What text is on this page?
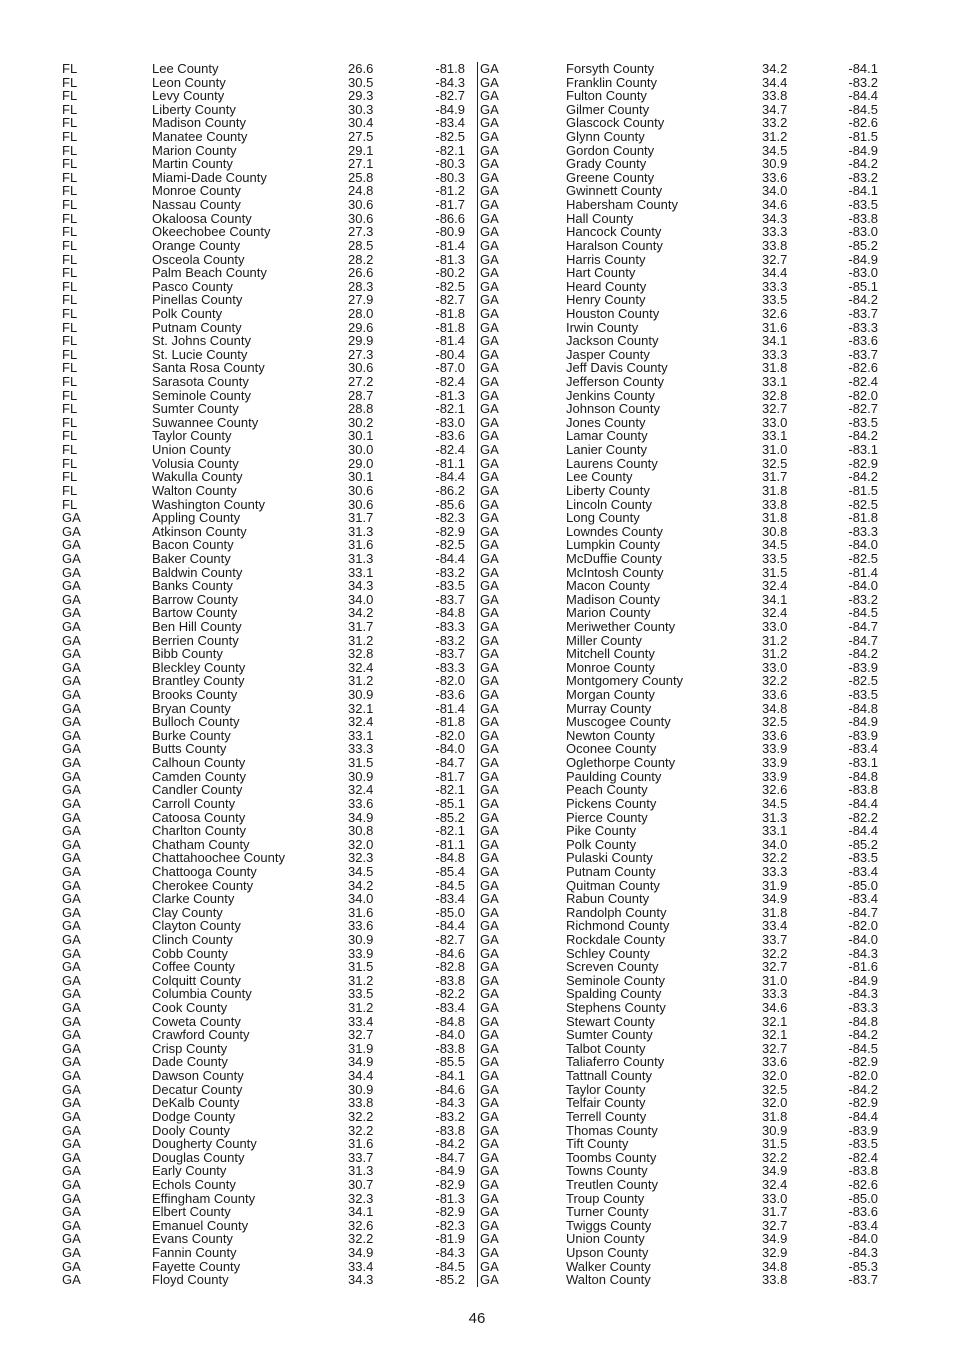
FL	Lee County	26.6	-81.8
FL	Leon County	30.5	-84.3
FL	Levy County	29.3	-82.7
FL	Liberty County	30.3	-84.9
FL	Madison County	30.4	-83.4
FL	Manatee County	27.5	-82.5
FL	Marion County	29.1	-82.1
FL	Martin County	27.1	-80.3
FL	Miami-Dade County	25.8	-80.3
FL	Monroe County	24.8	-81.2
FL	Nassau County	30.6	-81.7
FL	Okaloosa County	30.6	-86.6
FL	Okeechobee County	27.3	-80.9
FL	Orange County	28.5	-81.4
FL	Osceola County	28.2	-81.3
FL	Palm Beach County	26.6	-80.2
FL	Pasco County	28.3	-82.5
FL	Pinellas County	27.9	-82.7
FL	Polk County	28.0	-81.8
FL	Putnam County	29.6	-81.8
FL	St. Johns County	29.9	-81.4
FL	St. Lucie County	27.3	-80.4
FL	Santa Rosa County	30.6	-87.0
FL	Sarasota County	27.2	-82.4
FL	Seminole County	28.7	-81.3
FL	Sumter County	28.8	-82.1
FL	Suwannee County	30.2	-83.0
FL	Taylor County	30.1	-83.6
FL	Union County	30.0	-82.4
FL	Volusia County	29.0	-81.1
FL	Wakulla County	30.1	-84.4
FL	Walton County	30.6	-86.2
FL	Washington County	30.6	-85.6
GA	Appling County	31.7	-82.3
GA	Atkinson County	31.3	-82.9
GA	Bacon County	31.6	-82.5
GA	Baker County	31.3	-84.4
GA	Baldwin County	33.1	-83.2
GA	Banks County	34.3	-83.5
GA	Barrow County	34.0	-83.7
GA	Bartow County	34.2	-84.8
GA	Ben Hill County	31.7	-83.3
GA	Berrien County	31.2	-83.2
GA	Bibb County	32.8	-83.7
GA	Bleckley County	32.4	-83.3
GA	Brantley County	31.2	-82.0
GA	Brooks County	30.9	-83.6
GA	Bryan County	32.1	-81.4
GA	Bulloch County	32.4	-81.8
GA	Burke County	33.1	-82.0
GA	Butts County	33.3	-84.0
GA	Calhoun County	31.5	-84.7
GA	Camden County	30.9	-81.7
GA	Candler County	32.4	-82.1
GA	Carroll County	33.6	-85.1
GA	Catoosa County	34.9	-85.2
GA	Charlton County	30.8	-82.1
GA	Chatham County	32.0	-81.1
GA	Chattahoochee County	32.3	-84.8
GA	Chattooga County	34.5	-85.4
GA	Cherokee County	34.2	-84.5
GA	Clarke County	34.0	-83.4
GA	Clay County	31.6	-85.0
GA	Clayton County	33.6	-84.4
GA	Clinch County	30.9	-82.7
GA	Cobb County	33.9	-84.6
GA	Coffee County	31.5	-82.8
GA	Colquitt County	31.2	-83.8
GA	Columbia County	33.5	-82.2
GA	Cook County	31.2	-83.4
GA	Coweta County	33.4	-84.8
GA	Crawford County	32.7	-84.0
GA	Crisp County	31.9	-83.8
GA	Dade County	34.9	-85.5
GA	Dawson County	34.4	-84.1
GA	Decatur County	30.9	-84.6
GA	DeKalb County	33.8	-84.3
GA	Dodge County	32.2	-83.2
GA	Dooly County	32.2	-83.8
GA	Dougherty County	31.6	-84.2
GA	Douglas County	33.7	-84.7
GA	Early County	31.3	-84.9
GA	Echols County	30.7	-82.9
GA	Effingham County	32.3	-81.3
GA	Elbert County	34.1	-82.9
GA	Emanuel County	32.6	-82.3
GA	Evans County	32.2	-81.9
GA	Fannin County	34.9	-84.3
GA	Fayette County	33.4	-84.5
GA	Floyd County	34.3	-85.2
GA	Forsyth County	34.2	-84.1
GA	Franklin County	34.4	-83.2
GA	Fulton County	33.8	-84.4
GA	Gilmer County	34.7	-84.5
GA	Glascock County	33.2	-82.6
GA	Glynn County	31.2	-81.5
GA	Gordon County	34.5	-84.9
GA	Grady County	30.9	-84.2
GA	Greene County	33.6	-83.2
GA	Gwinnett County	34.0	-84.1
GA	Habersham County	34.6	-83.5
GA	Hall County	34.3	-83.8
GA	Hancock County	33.3	-83.0
GA	Haralson County	33.8	-85.2
GA	Harris County	32.7	-84.9
GA	Hart County	34.4	-83.0
GA	Heard County	33.3	-85.1
GA	Henry County	33.5	-84.2
GA	Houston County	32.6	-83.7
GA	Irwin County	31.6	-83.3
GA	Jackson County	34.1	-83.6
GA	Jasper County	33.3	-83.7
GA	Jeff Davis County	31.8	-82.6
GA	Jefferson County	33.1	-82.4
GA	Jenkins County	32.8	-82.0
GA	Johnson County	32.7	-82.7
GA	Jones County	33.0	-83.5
GA	Lamar County	33.1	-84.2
GA	Lanier County	31.0	-83.1
GA	Laurens County	32.5	-82.9
GA	Lee County	31.7	-84.2
GA	Liberty County	31.8	-81.5
GA	Lincoln County	33.8	-82.5
GA	Long County	31.8	-81.8
GA	Lowndes County	30.8	-83.3
GA	Lumpkin County	34.5	-84.0
GA	McDuffie County	33.5	-82.5
GA	McIntosh County	31.5	-81.4
GA	Macon County	32.4	-84.0
GA	Madison County	34.1	-83.2
GA	Marion County	32.4	-84.5
GA	Meriwether County	33.0	-84.7
GA	Miller County	31.2	-84.7
GA	Mitchell County	31.2	-84.2
GA	Monroe County	33.0	-83.9
GA	Montgomery County	32.2	-82.5
GA	Morgan County	33.6	-83.5
GA	Murray County	34.8	-84.8
GA	Muscogee County	32.5	-84.9
GA	Newton County	33.6	-83.9
GA	Oconee County	33.9	-83.4
GA	Oglethorpe County	33.9	-83.1
GA	Paulding County	33.9	-84.8
GA	Peach County	32.6	-83.8
GA	Pickens County	34.5	-84.4
GA	Pierce County	31.3	-82.2
GA	Pike County	33.1	-84.4
GA	Polk County	34.0	-85.2
GA	Pulaski County	32.2	-83.5
GA	Putnam County	33.3	-83.4
GA	Quitman County	31.9	-85.0
GA	Rabun County	34.9	-83.4
GA	Randolph County	31.8	-84.7
GA	Richmond County	33.4	-82.0
GA	Rockdale County	33.7	-84.0
GA	Schley County	32.2	-84.3
GA	Screven County	32.7	-81.6
GA	Seminole County	31.0	-84.9
GA	Spalding County	33.3	-84.3
GA	Stephens County	34.6	-83.3
GA	Stewart County	32.1	-84.8
GA	Sumter County	32.1	-84.2
GA	Talbot County	32.7	-84.5
GA	Taliaferro County	33.6	-82.9
GA	Tattnall County	32.0	-82.0
GA	Taylor County	32.5	-84.2
GA	Telfair County	32.0	-82.9
GA	Terrell County	31.8	-84.4
GA	Thomas County	30.9	-83.9
GA	Tift County	31.5	-83.5
GA	Toombs County	32.2	-82.4
GA	Towns County	34.9	-83.8
GA	Treutlen County	32.4	-82.6
GA	Troup County	33.0	-85.0
GA	Turner County	31.7	-83.6
GA	Twiggs County	32.7	-83.4
GA	Union County	34.9	-84.0
GA	Upson County	32.9	-84.3
GA	Walker County	34.8	-85.3
GA	Walton County	33.8	-83.7
46
